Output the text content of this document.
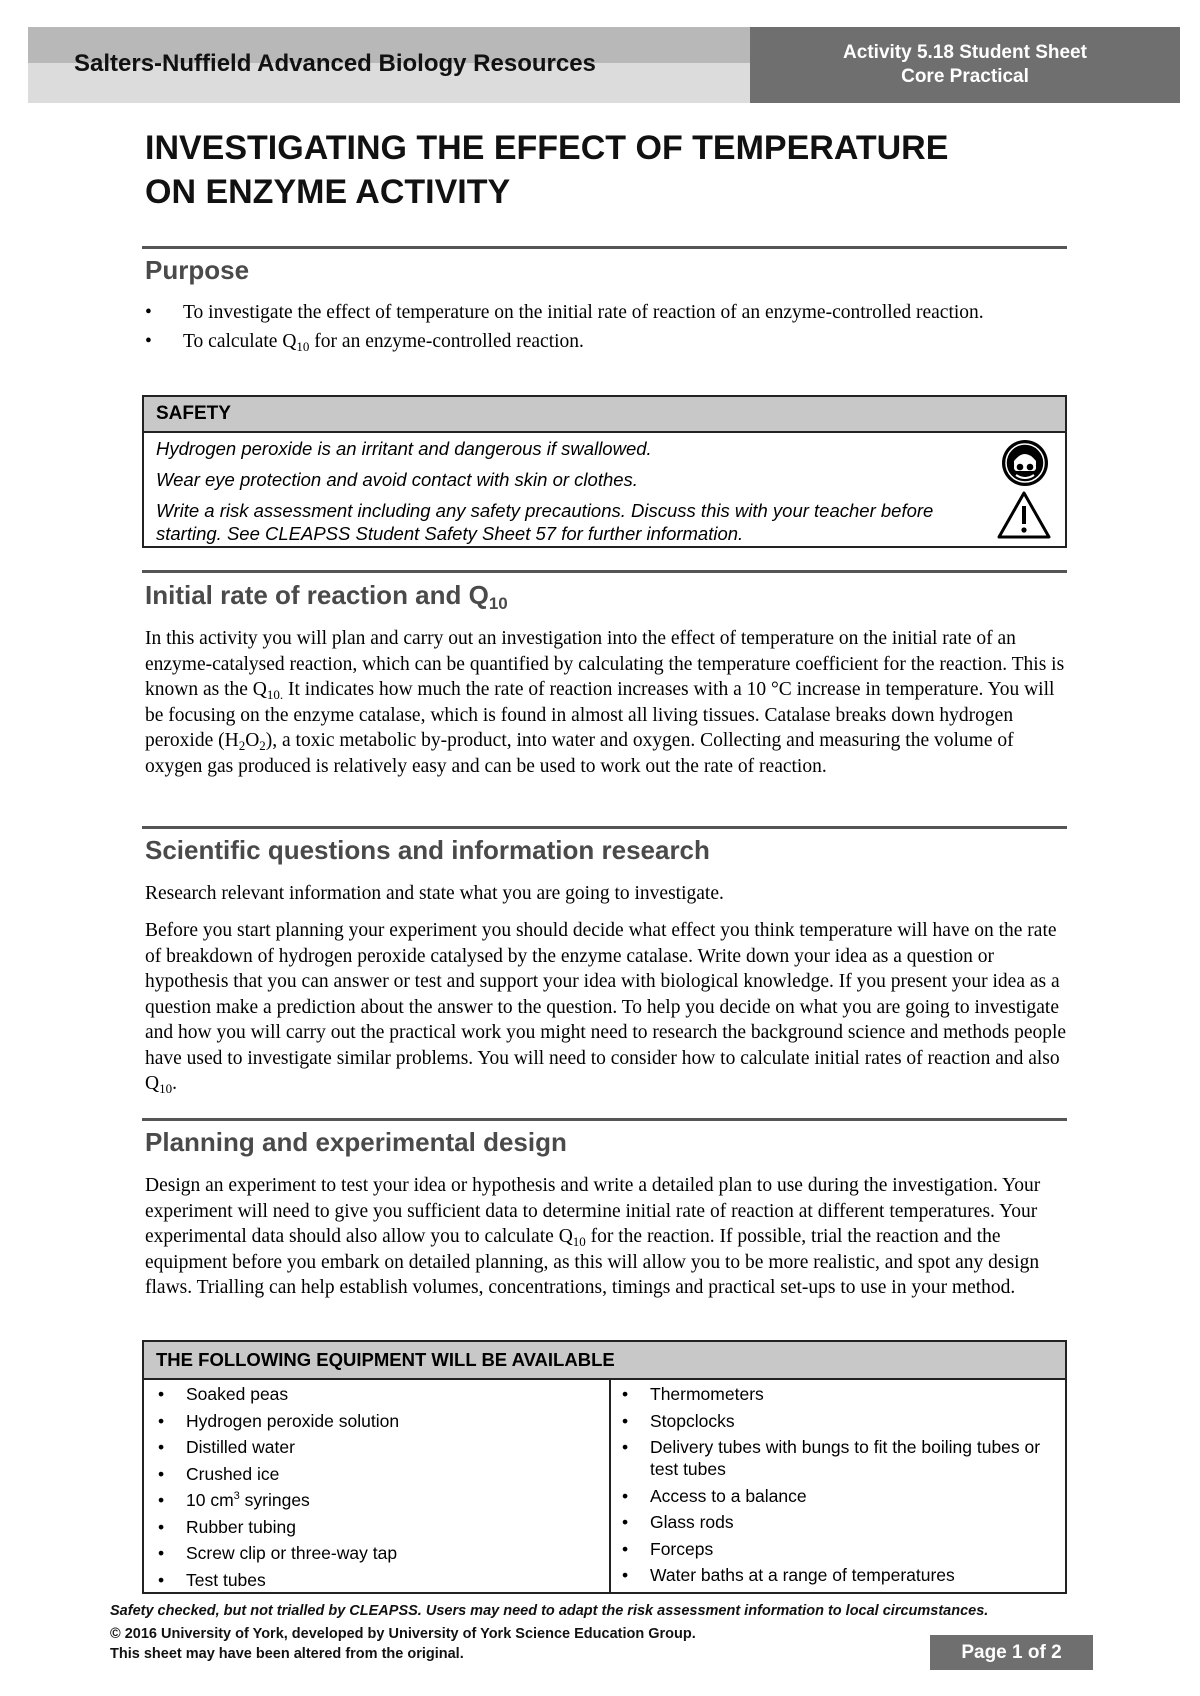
Salters-Nuffield Advanced Biology Resources	Activity 5.18 Student Sheet
Core Practical
INVESTIGATING THE EFFECT OF TEMPERATURE
ON ENZYME ACTIVITY
Purpose
• To investigate the effect of temperature on the initial rate of reaction of an enzyme-controlled reaction.
• To calculate $Q_{10}$ for an enzyme-controlled reaction.
SAFETY
Hydrogen peroxide is an irritant and dangerous if swallowed.
Wear eye protection and avoid contact with skin or clothes.
Write a risk assessment including any safety precautions. Discuss this with your teacher before starting. See CLEAPSS Student Safety Sheet 57 for further information.
Initial rate of reaction and $Q_{10}$

In this activity you will plan and carry out an investigation into the effect of temperature on the initial rate of an enzyme-catalysed reaction, which can be quantified by calculating the temperature coefficient for the reaction. This is known as the $Q_{10.}$ It indicates how much the rate of reaction increases with a 10 °C increase in temperature. You will be focusing on the enzyme catalase, which is found in almost all living tissues. Catalase breaks down hydrogen peroxide $(H_2O_2)$, a toxic metabolic by-product, into water and oxygen. Collecting and measuring the volume of oxygen gas produced is relatively easy and can be used to work out the rate of reaction.

Scientific questions and information research

Research relevant information and state what you are going to investigate.

Before you start planning your experiment you should decide what effect you think temperature will have on the rate of breakdown of hydrogen peroxide catalysed by the enzyme catalase. Write down your idea as a question or hypothesis that you can answer or test and support your idea with biological knowledge. If you present your idea as a question make a prediction about the answer to the question. To help you decide on what you are going to investigate and how you will carry out the practical work you might need to research the background science and methods people have used to investigate similar problems. You will need to consider how to calculate initial rates of reaction and also $Q_{10}$.

Planning and experimental design

Design an experiment to test your idea or hypothesis and write a detailed plan to use during the investigation. Your experiment will need to give you sufficient data to determine initial rate of reaction at different temperatures. Your experimental data should also allow you to calculate $Q_{10}$ for the reaction. If possible, trial the reaction and the equipment before you embark on detailed planning, as this will allow you to be more realistic, and spot any design flaws. Trialling can help establish volumes, concentrations, timings and practical set-ups to use in your method.

THE FOLLOWING EQUIPMENT WILL BE AVAILABLE
• Soaked peas
• Hydrogen peroxide solution
• Distilled water
• Crushed ice
• 10 $cm^3$ syringes
• Rubber tubing
• Screw clip or three-way tap
• Test tubes
• Thermometers
• Stopclocks
• Delivery tubes with bungs to fit the boiling tubes or test tubes
• Access to a balance
• Glass rods
• Forceps
• Water baths at a range of temperatures
Safety checked, but not trialled by CLEAPSS. Users may need to adapt the risk assessment information to local circumstances.
© 2016 University of York, developed by University of York Science Education Group.
This sheet may have been altered from the original.	Page 1 of 2
